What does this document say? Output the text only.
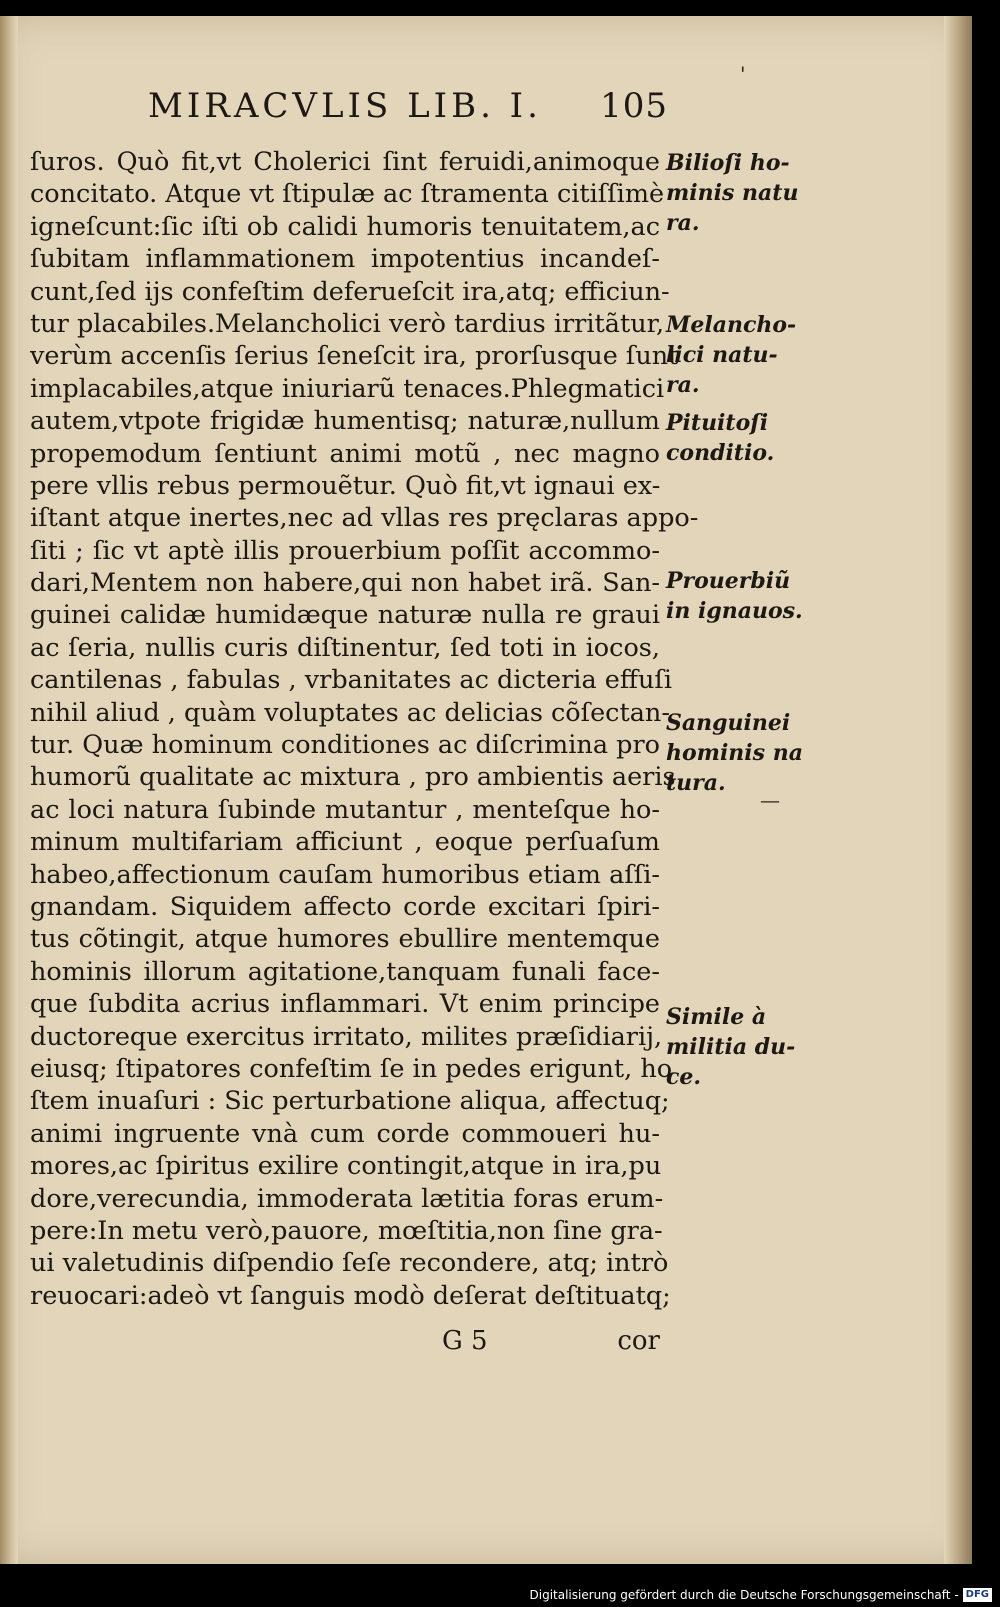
MIRACVLIS LIB. I. 105
ſuros. Quò fit,vt Cholerici ſint feruidi,animoque
concitato. Atque vt ſtipulæ ac ſtramenta citiſſimè
igneſcunt:ſic iſti ob calidi humoris tenuitatem,ac
ſubitam inflammationem impotentius incandeſ-
cunt,ſed ijs confeſtim deferueſcit ira,atq; efficiun-
tur placabiles.Melancholici verò tardius irritãtur,
verùm accenſis ſerius ſeneſcit ira, prorſusque ſunt
implacabiles,atque iniuriarũ tenaces.Phlegmatici
autem,vtpote frigidæ humentisq; naturæ,nullum
propemodum ſentiunt animi motũ , nec magno
pere vllis rebus permouẽtur. Quò fit,vt ignaui ex-
iſtant atque inertes,nec ad vllas res pręclaras appo-
ſiti ; ſic vt aptè illis prouerbium poſſit accommo-
dari,Mentem non habere,qui non habet irã. San-
guinei calidæ humidæque naturæ nulla re graui
ac ſeria, nullis curis diſtinentur, ſed toti in iocos,
cantilenas , fabulas , vrbanitates ac dicteria effuſi
nihil aliud , quàm voluptates ac delicias cõſectan-
tur. Quæ hominum conditiones ac diſcrimina pro
humorũ qualitate ac mixtura , pro ambientis aeris
ac loci natura ſubinde mutantur , menteſque ho-
minum multifariam afficiunt , eoque perſuaſum
habeo,affectionum cauſam humoribus etiam aſſi-
gnandam. Siquidem affecto corde excitari ſpiri-
tus cõtingit, atque humores ebullire mentemque
hominis illorum agitatione,tanquam funali face-
que ſubdita acrius inflammari. Vt enim principe
ductoreque exercitus irritato, milites præſidiarij,
eiusq; ſtipatores confeſtim ſe in pedes erigunt, ho
ſtem inuaſuri : Sic perturbatione aliqua, affectuq;
animi ingruente vnà cum corde commoueri hu-
mores,ac ſpiritus exilire contingit,atque in ira,pu
dore,verecundia, immoderata lætitia foras erum-
pere:In metu verò,pauore, mœſtitia,non ſine gra-
ui valetudinis diſpendio ſeſe recondere, atq; intrò
reuocari:adeò vt ſanguis modò deſerat deſtituatq;
Bilioſi ho-
minis natu
ra.
Melancho-
lici natu-
ra.
Pituitoſi
conditio.
Prouerbiũ
in ignauos.
Sanguinei
hominis na
tura.
Simile à
militia du-
ce.
'
—
G 5	cor
Digitalisierung gefördert durch die Deutsche Forschungsgemeinschaft - DFG
